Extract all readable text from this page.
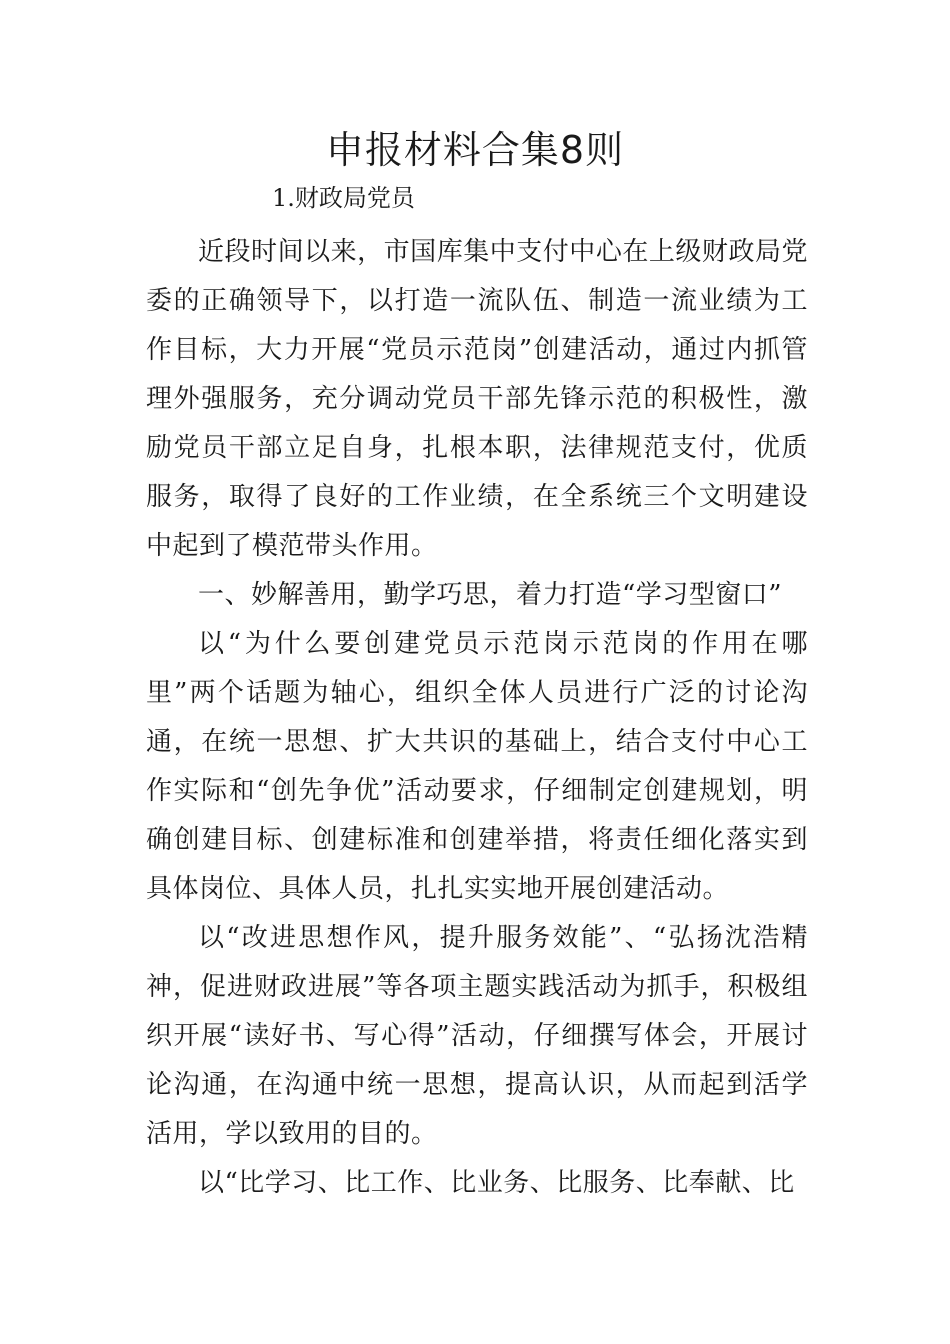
申报材料合集8则

1.财政局党员

近段时间以来，市国库集中支付中心在上级财政局党委的正确领导下，以打造一流队伍、制造一流业绩为工作目标，大力开展“党员示范岗”创建活动，通过内抓管理外强服务，充分调动党员干部先锋示范的积极性，激励党员干部立足自身，扎根本职，法律规范支付，优质服务，取得了良好的工作业绩，在全系统三个文明建设中起到了模范带头作用。

一、妙解善用，勤学巧思，着力打造“学习型窗口”

以“为什么要创建党员示范岗示范岗的作用在哪里”两个话题为轴心，组织全体人员进行广泛的讨论沟通，在统一思想、扩大共识的基础上，结合支付中心工作实际和“创先争优”活动要求，仔细制定创建规划，明确创建目标、创建标准和创建举措，将责任细化落实到具体岗位、具体人员，扎扎实实地开展创建活动。

以“改进思想作风，提升服务效能”、“弘扬沈浩精神，促进财政进展”等各项主题实践活动为抓手，积极组织开展“读好书、写心得”活动，仔细撰写体会，开展讨论沟通，在沟通中统一思想，提高认识，从而起到活学活用，学以致用的目的。

以“比学习、比工作、比业务、比服务、比奉献、比
